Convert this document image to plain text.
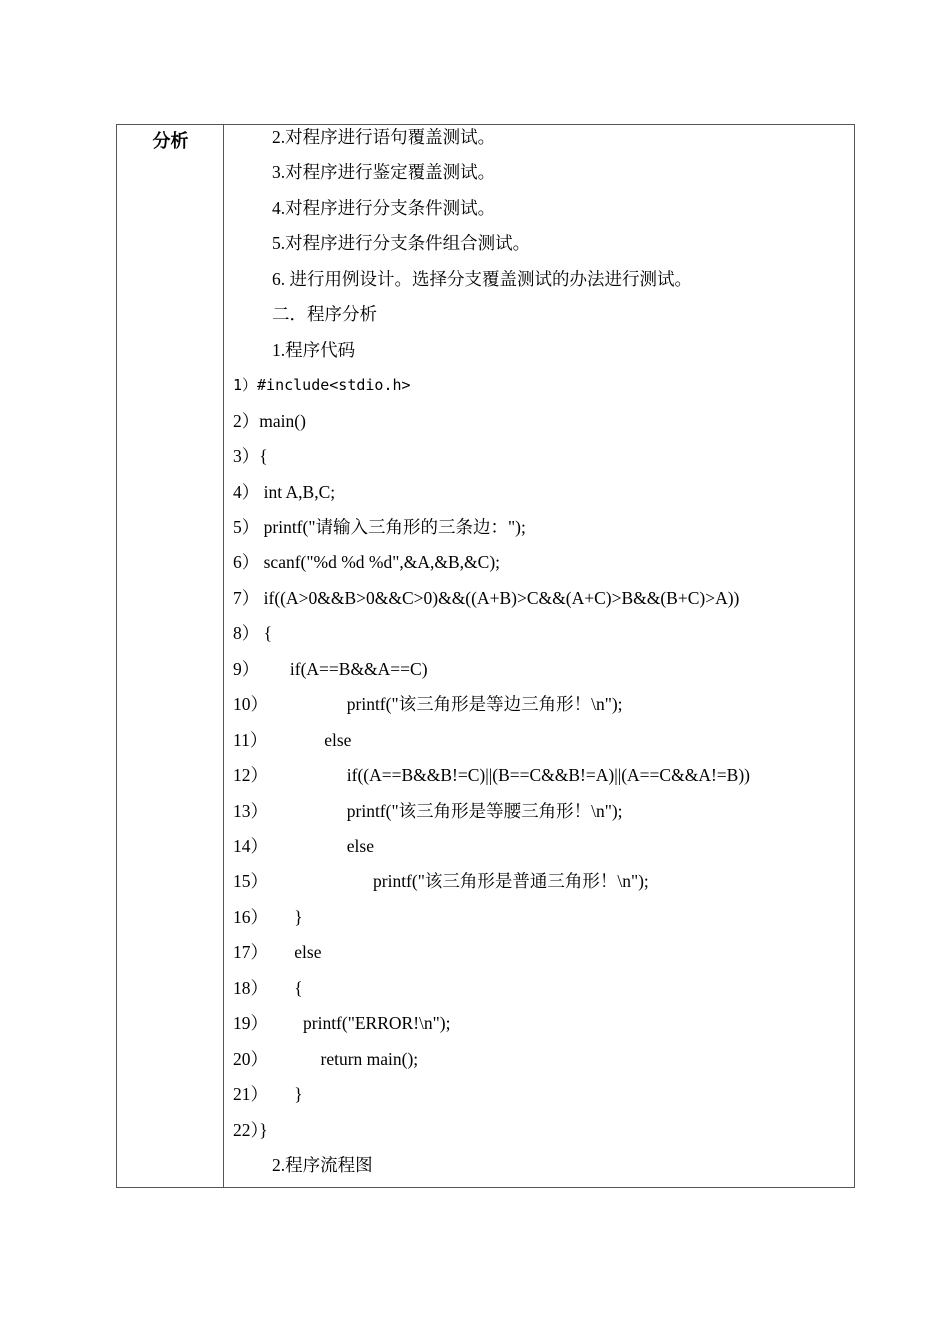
分析	2.对程序进行语句覆盖测试。
3.对程序进行鉴定覆盖测试。
4.对程序进行分支条件测试。
5.对程序进行分支条件组合测试。
6. 进行用例设计。选择分支覆盖测试的办法进行测试。
二．程序分析
1.程序代码
1）#include<stdio.h>
2）main()
3）{
4） int A,B,C;
5） printf("请输入三角形的三条边：");
6） scanf("%d %d %d",&A,&B,&C);
7） if((A>0&&B>0&&C>0)&&((A+B)>C&&(A+C)>B&&(B+C)>A))
8） {
9）       if(A==B&&A==C)
10）                  printf("该三角形是等边三角形！\n");
11）             else
12）                  if((A==B&&B!=C)||(B==C&&B!=A)||(A==C&&A!=B))
13）                  printf("该三角形是等腰三角形！\n");
14）                  else
15）                        printf("该三角形是普通三角形！\n");
16）      }
17）      else
18）      {
19）        printf("ERROR!\n");
20）            return main();
21）      }
22）}
2.程序流程图
